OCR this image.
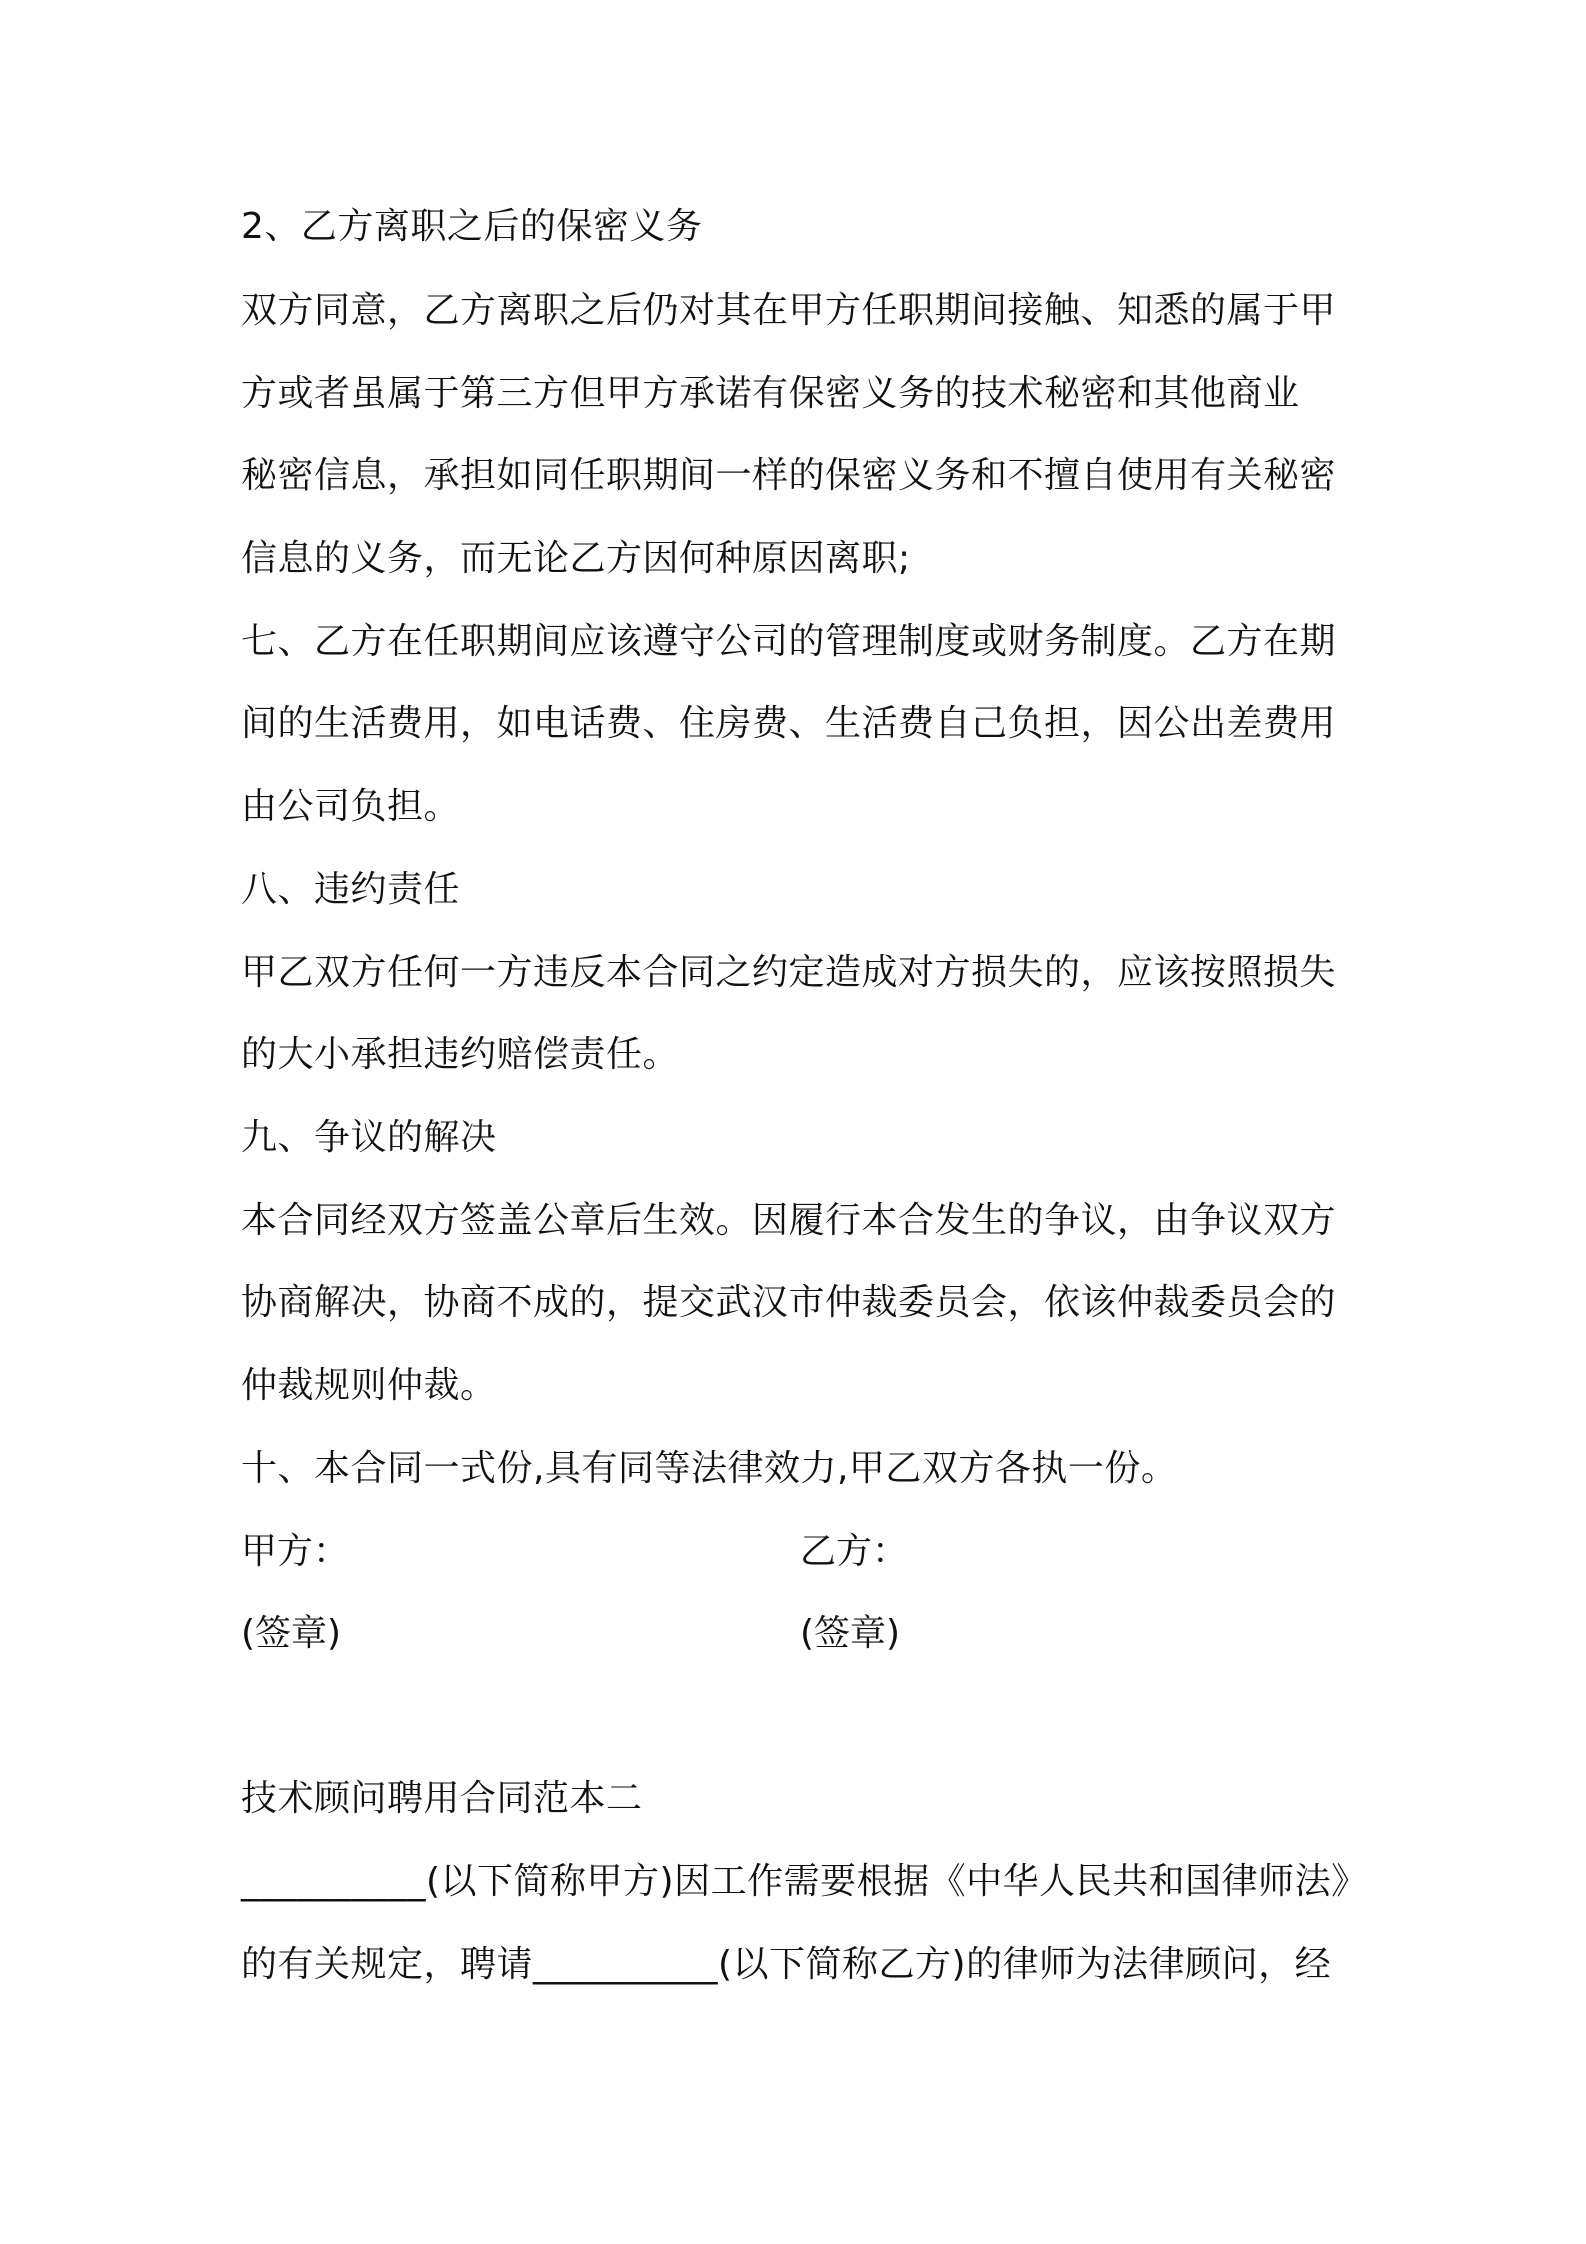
2、乙方离职之后的保密义务
双方同意，乙方离职之后仍对其在甲方任职期间接触、知悉的属于甲
方或者虽属于第三方但甲方承诺有保密义务的技术秘密和其他商业
秘密信息，承担如同任职期间一样的保密义务和不擅自使用有关秘密
信息的义务，而无论乙方因何种原因离职;
七、乙方在任职期间应该遵守公司的管理制度或财务制度。乙方在期
间的生活费用，如电话费、住房费、生活费自己负担，因公出差费用
由公司负担。
八、违约责任
甲乙双方任何一方违反本合同之约定造成对方损失的，应该按照损失
的大小承担违约赔偿责任。
九、争议的解决
本合同经双方签盖公章后生效。因履行本合发生的争议，由争议双方
协商解决，协商不成的，提交武汉市仲裁委员会，依该仲裁委员会的
仲裁规则仲裁。
十、本合同一式份,具有同等法律效力,甲乙双方各执一份。
甲方：	乙方：
(签章)	(签章)
技术顾问聘用合同范本二
__________(以下简称甲方)因工作需要根据《中华人民共和国律师法》
的有关规定，聘请__________(以下简称乙方)的律师为法律顾问，经
